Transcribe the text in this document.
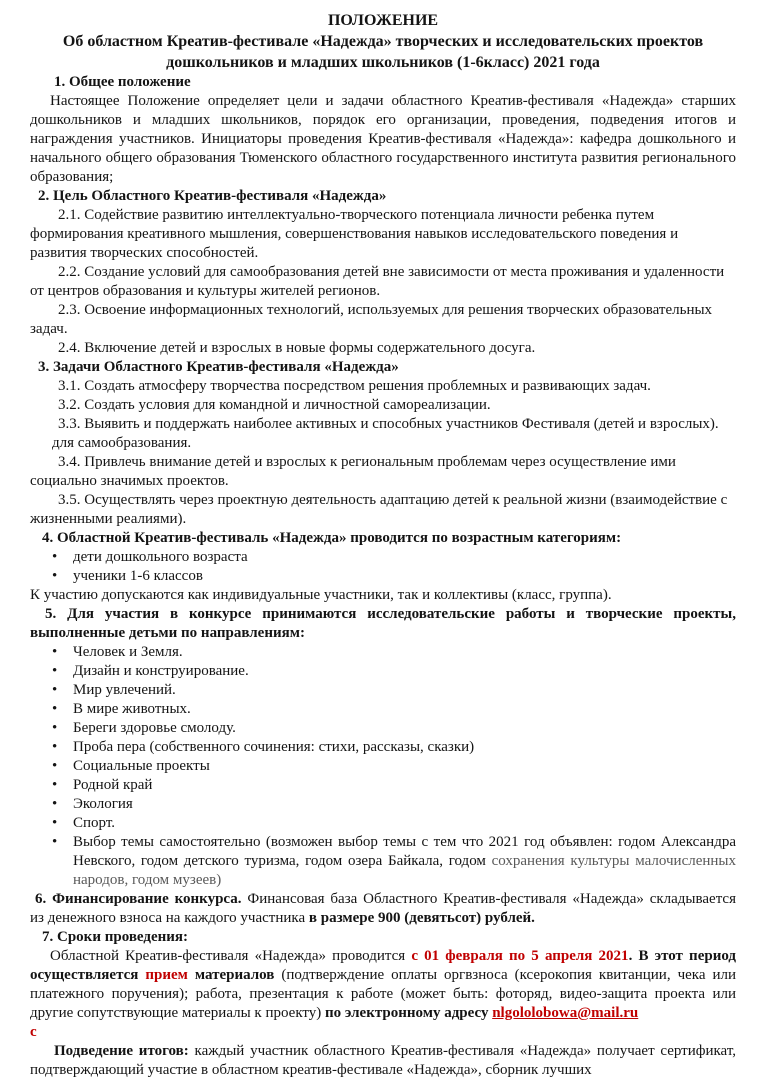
ПОЛОЖЕНИЕ

Об областном Креатив-фестивале «Надежда» творческих и исследовательских проектов

дошкольников и младших школьников (1-6класс) 2021 года

1. Общее положение

Настоящее Положение определяет цели и задачи областного Креатив-фестиваля «Надежда» старших дошкольников и младших школьников, порядок его организации, проведения, подведения итогов и награждения участников. Инициаторы проведения Креатив-фестиваля «Надежда»: кафедра дошкольного и начального общего образования Тюменского областного государственного института развития регионального образования;

2. Цель Областного Креатив-фестиваля «Надежда»

2.1. Содействие развитию интеллектуально-творческого потенциала личности ребенка путем формирования креативного мышления, совершенствования навыков исследовательского поведения и развития творческих способностей.

2.2. Создание условий для самообразования детей вне зависимости от места проживания и удаленности от центров образования и культуры жителей регионов.

2.3. Освоение информационных технологий, используемых для решения творческих образовательных задач.

2.4. Включение детей и взрослых в новые формы содержательного досуга.

3. Задачи Областного Креатив-фестиваля «Надежда»

3.1. Создать атмосферу творчества посредством решения проблемных и развивающих задач.

3.2. Создать условия для командной и личностной самореализации.

3.3. Выявить и поддержать наиболее активных и способных участников Фестиваля (детей и взрослых).

для самообразования.

3.4. Привлечь внимание детей и взрослых к региональным проблемам через осуществление ими социально значимых проектов.

3.5. Осуществлять через проектную деятельность адаптацию детей к реальной жизни (взаимодействие с жизненными реалиями).

4. Областной Креатив-фестиваль «Надежда» проводится по возрастным категориям:

• дети дошкольного возраста
• ученики 1-6 классов

К участию допускаются как индивидуальные участники, так и коллективы (класс, группа).

5. Для участия в конкурсе принимаются исследовательские работы и творческие проекты, выполненные детьми по направлениям:

• Человек и Земля.
• Дизайн и конструирование.
• Мир увлечений.
• В мире животных.
• Береги здоровье смолоду.
• Проба пера (собственного сочинения: стихи, рассказы, сказки)
• Социальные проекты
• Родной край
• Экология
• Спорт.
• Выбор темы самостоятельно (возможен выбор темы с тем что 2021 год объявлен: годом Александра Невского, годом детского туризма, годом озера Байкала, годом сохранения культуры малочисленных народов, годом музеев)

6. Финансирование конкурса. Финансовая база Областного Креатив-фестиваля «Надежда» складывается из денежного взноса на каждого участника в размере 900 (девятьсот) рублей.

7. Сроки проведения:

Областной Креатив-фестиваля «Надежда» проводится с 01 февраля по 5 апреля 2021. В этот период осуществляется прием материалов (подтверждение оплаты оргвзноса (ксерокопия квитанции, чека или платежного поручения); работа, презентация к работе (может быть: фоторяд, видео-защита проекта или другие сопутствующие материалы к проекту) по электронному адресу nlgololobowa@mail.ru
с

Подведение итогов: каждый участник областного Креатив-фестиваля «Надежда» получает сертификат, подтверждающий участие в областном креатив-фестивале «Надежда», сборник лучших
